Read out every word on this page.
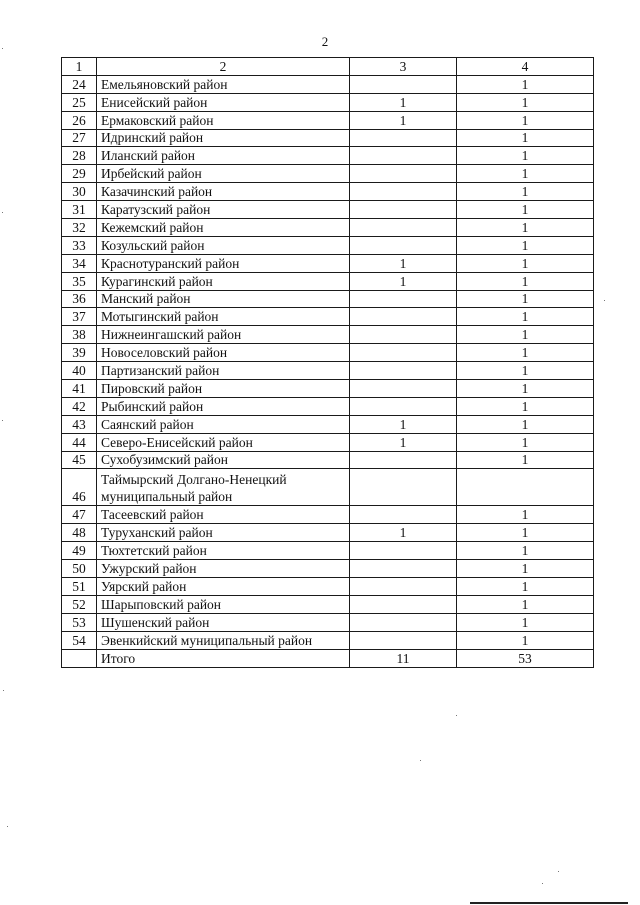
2
1	2	3	4
24	Емельяновский район		1
25	Енисейский район	1	1
26	Ермаковский район	1	1
27	Идринский район		1
28	Иланский район		1
29	Ирбейский район		1
30	Казачинский район		1
31	Каратузский район		1
32	Кежемский район		1
33	Козульский район		1
34	Краснотуранский район	1	1
35	Курагинский район	1	1
36	Манский район		1
37	Мотыгинский район		1
38	Нижнеингашский район		1
39	Новоселовский район		1
40	Партизанский район		1
41	Пировский район		1
42	Рыбинский район		1
43	Саянский район	1	1
44	Северо-Енисейский район	1	1
45	Сухобузимский район		1
46	Таймырский Долгано-Ненецкий муниципальный район		
47	Тасеевский район		1
48	Туруханский район	1	1
49	Тюхтетский район		1
50	Ужурский район		1
51	Уярский район		1
52	Шарыповский район		1
53	Шушенский район		1
54	Эвенкийский муниципальный район		1
	Итого	11	53
